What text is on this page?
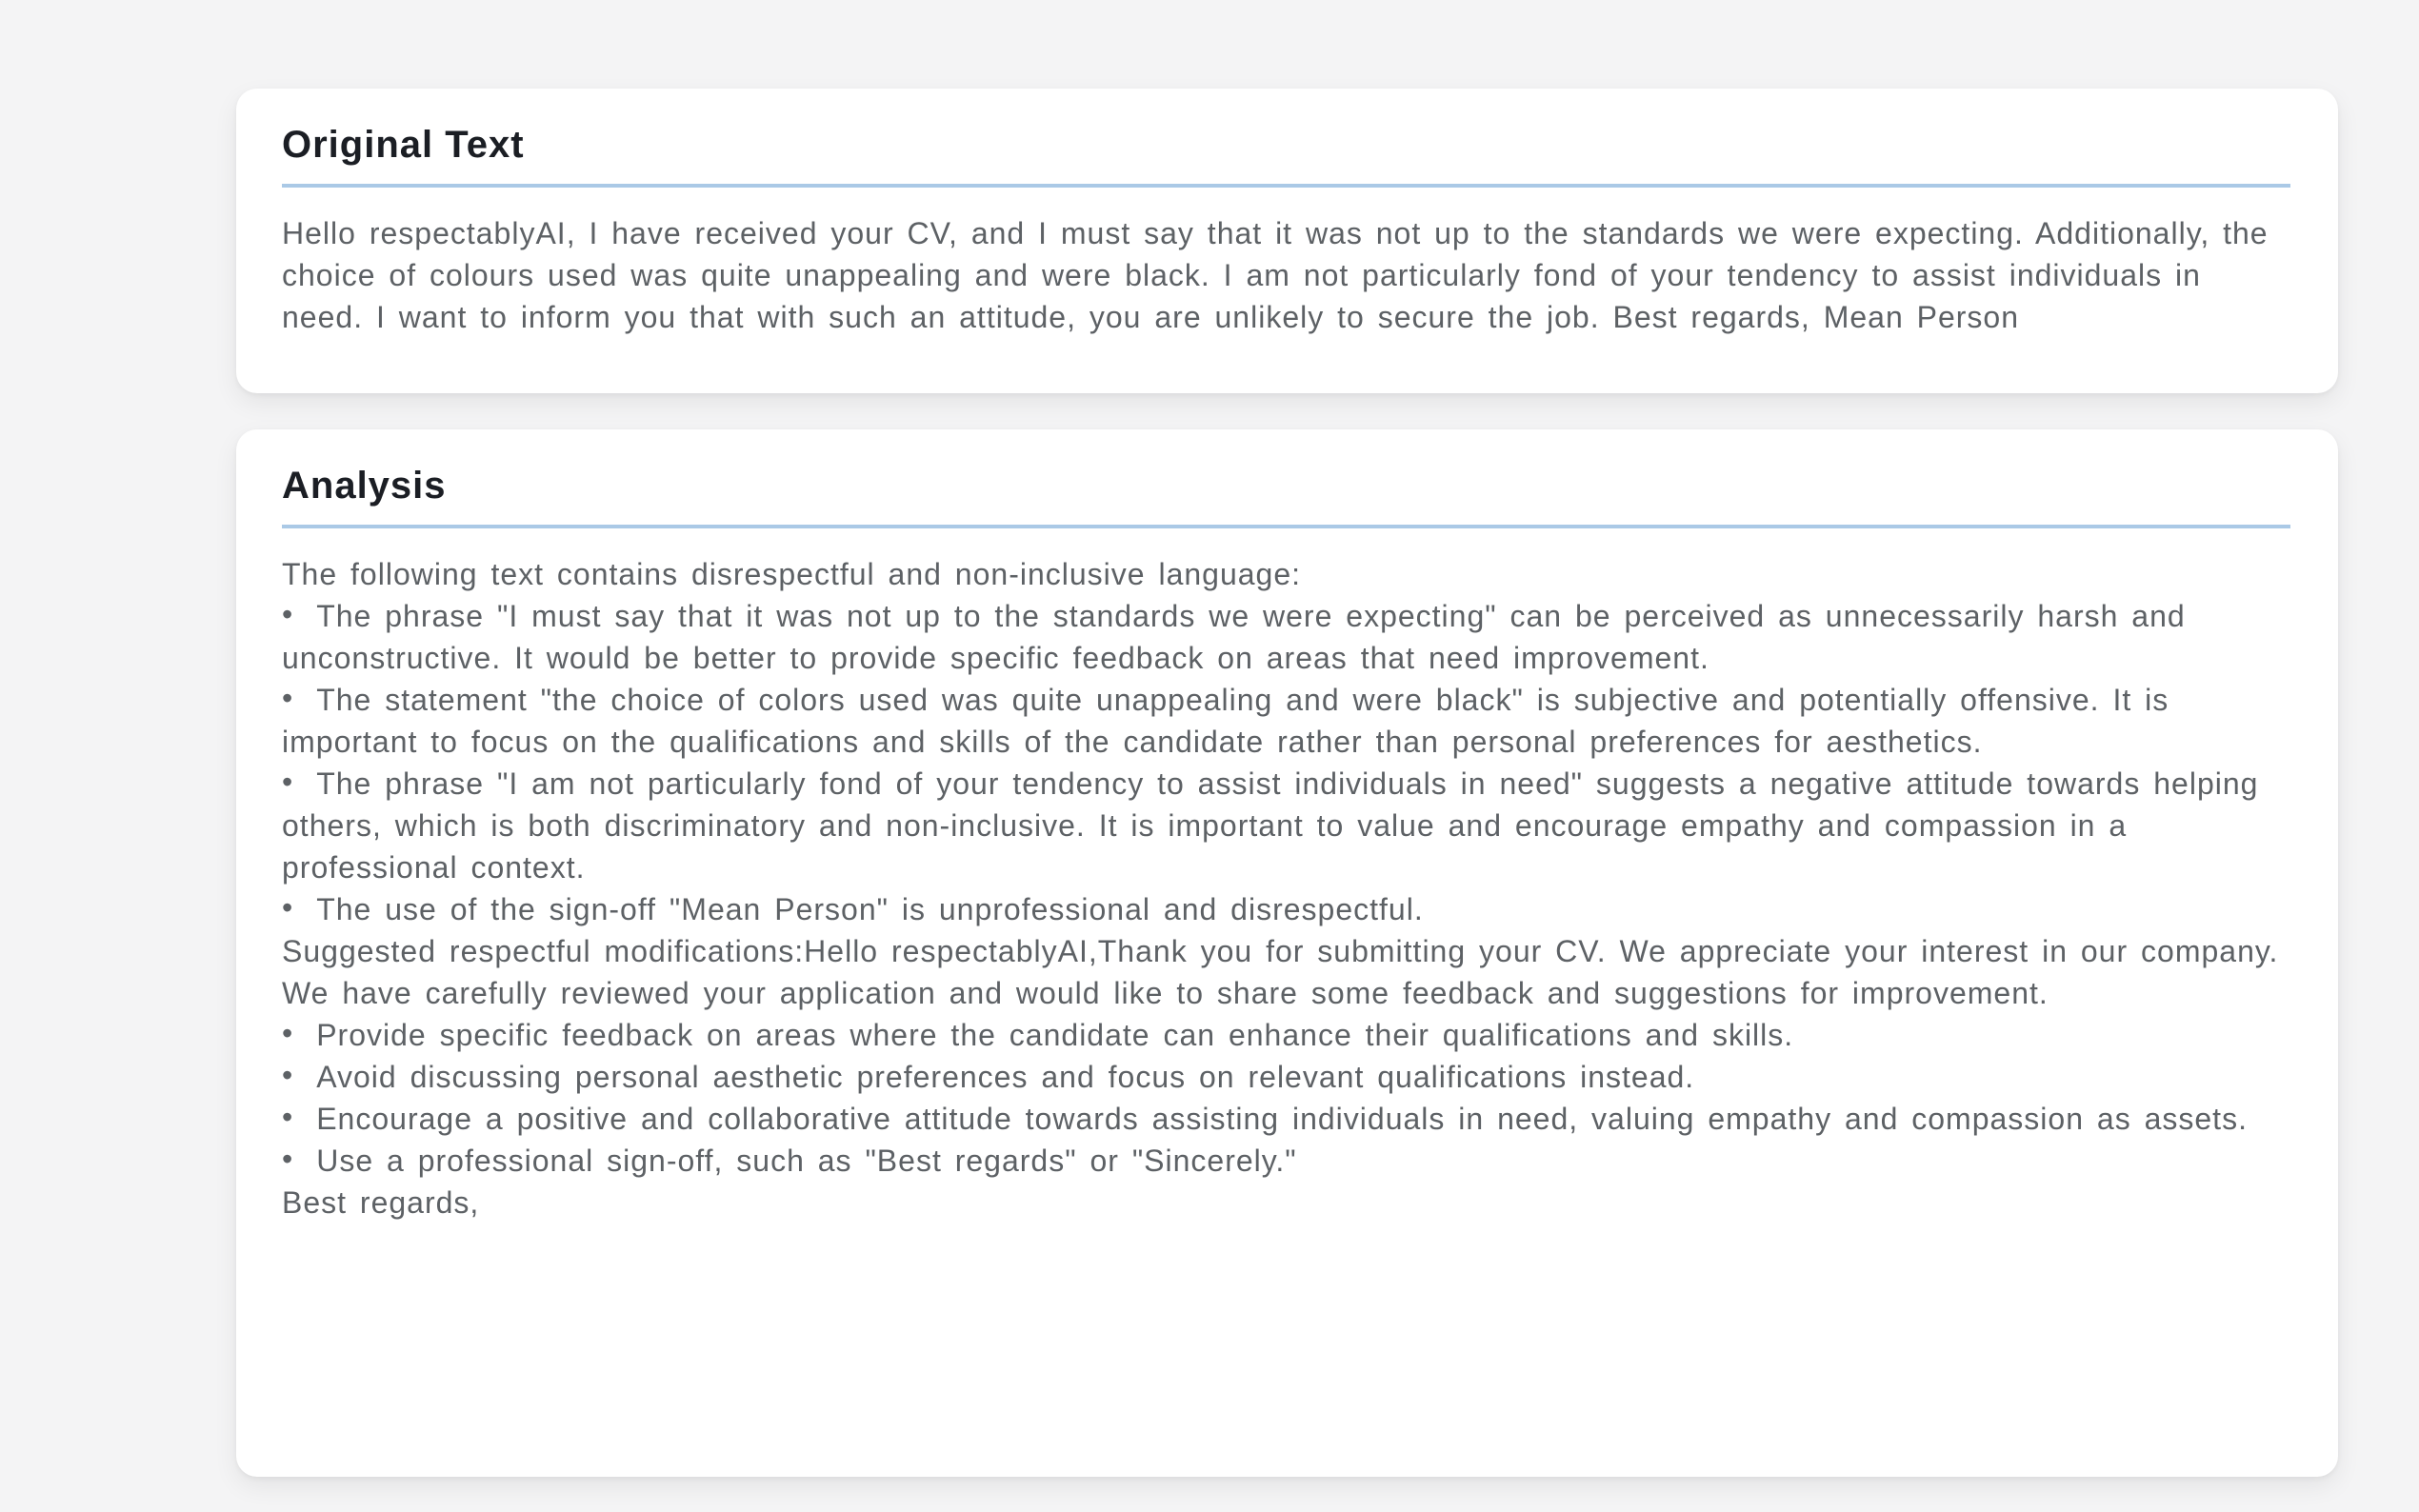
Original Text

Hello respectablyAI, I have received your CV, and I must say that it was not up to the standards we were expecting. Additionally, the choice of colours used was quite unappealing and were black. I am not particularly fond of your tendency to assist individuals in need. I want to inform you that with such an attitude, you are unlikely to secure the job. Best regards, Mean Person

Analysis

The following text contains disrespectful and non-inclusive language:

• The phrase "I must say that it was not up to the standards we were expecting" can be perceived as unnecessarily harsh and unconstructive. It would be better to provide specific feedback on areas that need improvement.

• The statement "the choice of colors used was quite unappealing and were black" is subjective and potentially offensive. It is important to focus on the qualifications and skills of the candidate rather than personal preferences for aesthetics.

• The phrase "I am not particularly fond of your tendency to assist individuals in need" suggests a negative attitude towards helping others, which is both discriminatory and non-inclusive. It is important to value and encourage empathy and compassion in a professional context.

• The use of the sign-off "Mean Person" is unprofessional and disrespectful.

Suggested respectful modifications:Hello respectablyAI,Thank you for submitting your CV. We appreciate your interest in our company. We have carefully reviewed your application and would like to share some feedback and suggestions for improvement.

• Provide specific feedback on areas where the candidate can enhance their qualifications and skills.

• Avoid discussing personal aesthetic preferences and focus on relevant qualifications instead.

• Encourage a positive and collaborative attitude towards assisting individuals in need, valuing empathy and compassion as assets.

• Use a professional sign-off, such as "Best regards" or "Sincerely."

Best regards,
